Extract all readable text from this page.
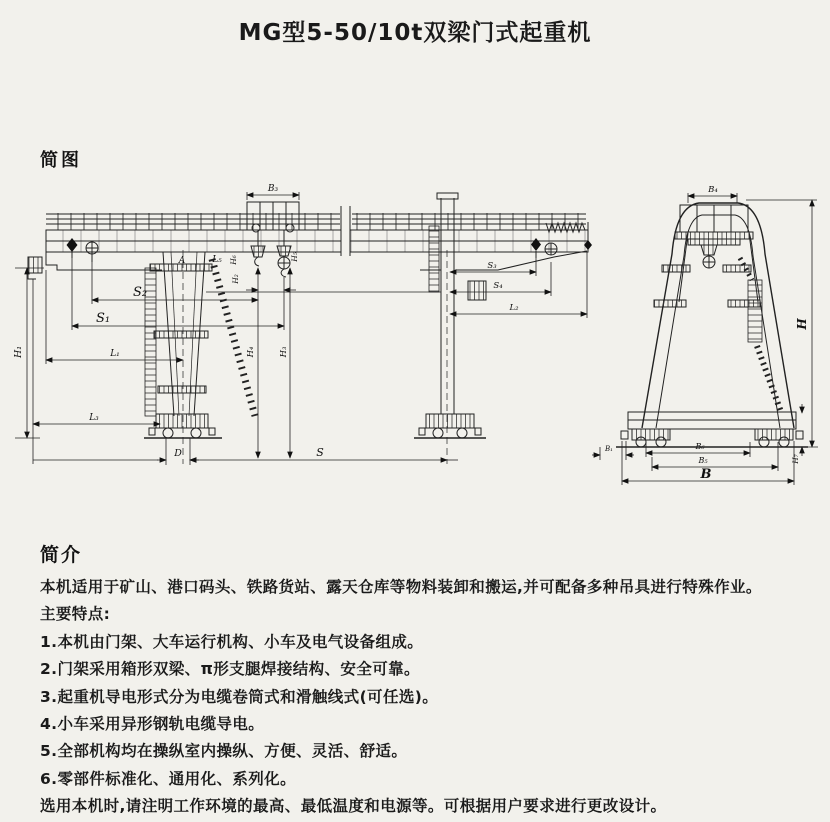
MG型5-50/10t双梁门式起重机
简图
B₃
S₂
S₁
L₁
L₃
D	S
S₃
S₄
L₂
A	L₅
H₁
H₆
H₂
H₅
H₄	H₃
B₄
H
B₆
B₅
B
B₁
H₇
简介

本机适用于矿山、港口码头、铁路货站、露天仓库等物料装卸和搬运,并可配备多种吊具进行特殊作业。

主要特点:

1.本机由门架、大车运行机构、小车及电气设备组成。

2.门架采用箱形双梁、π形支腿焊接结构、安全可靠。

3.起重机导电形式分为电缆卷筒式和滑触线式(可任选)。

4.小车采用异形钢轨电缆导电。

5.全部机构均在操纵室内操纵、方便、灵活、舒适。

6.零部件标准化、通用化、系列化。

选用本机时,请注明工作环境的最高、最低温度和电源等。可根据用户要求进行更改设计。
